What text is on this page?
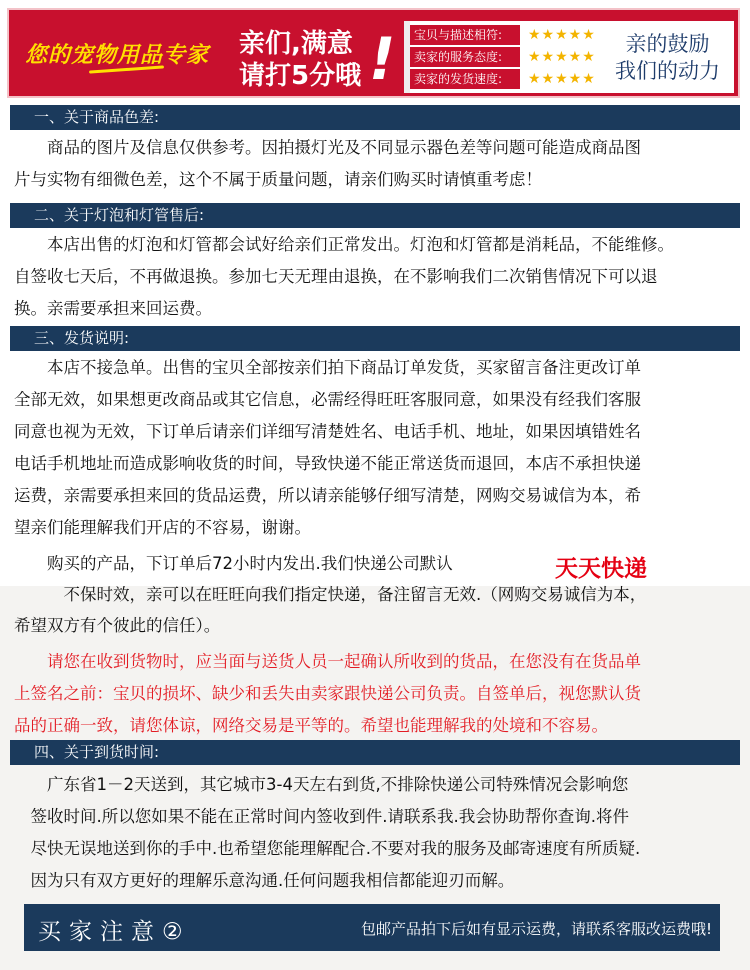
您的宠物用品专家 亲们,满意
请打5分哦 !	宝贝与描述相符:	★★★★★
卖家的服务态度:	★★★★★
卖家的发货速度:	★★★★★
亲的鼓励
我们的动力
一、关于商品色差:
　　商品的图片及信息仅供参考。因拍摄灯光及不同显示器色差等问题可能造成商品图
片与实物有细微色差，这个不属于质量问题，请亲们购买时请慎重考虑！
二、关于灯泡和灯管售后:
　　本店出售的灯泡和灯管都会试好给亲们正常发出。灯泡和灯管都是消耗品，不能维修。
自签收七天后，不再做退换。参加七天无理由退换，在不影响我们二次销售情况下可以退
换。亲需要承担来回运费。
三、发货说明:
　　本店不接急单。出售的宝贝全部按亲们拍下商品订单发货，买家留言备注更改订单
全部无效，如果想更改商品或其它信息，必需经得旺旺客服同意，如果没有经我们客服
同意也视为无效，下订单后请亲们详细写清楚姓名、电话手机、地址，如果因填错姓名
电话手机地址而造成影响收货的时间，导致快递不能正常送货而退回，本店不承担快递
运费，亲需要承担来回的货品运费，所以请亲能够仔细写清楚，网购交易诚信为本，希
望亲们能理解我们开店的不容易，谢谢。
　　购买的产品，下订单后72小时内发出.我们快递公司默认
　　　不保时效，亲可以在旺旺向我们指定快递，备注留言无效.（网购交易诚信为本，
希望双方有个彼此的信任）。
天天快递
　　请您在收到货物时，应当面与送货人员一起确认所收到的货品，在您没有在货品单
上签名之前：宝贝的损坏、缺少和丢失由卖家跟快递公司负责。自签单后，视您默认货
品的正确一致，请您体谅，网络交易是平等的。希望也能理解我的处境和不容易。
四、关于到货时间:
　　广东省1－2天送到，其它城市3-4天左右到货,不排除快递公司特殊情况会影响您
　签收时间.所以您如果不能在正常时间内签收到件.请联系我.我会协助帮你查询.将件
　尽快无误地送到你的手中.也希望您能理解配合.不要对我的服务及邮寄速度有所质疑.
　因为只有双方更好的理解乐意沟通.任何问题我相信都能迎刃而解。
买家注意②	包邮产品拍下后如有显示运费，请联系客服改运费哦!
